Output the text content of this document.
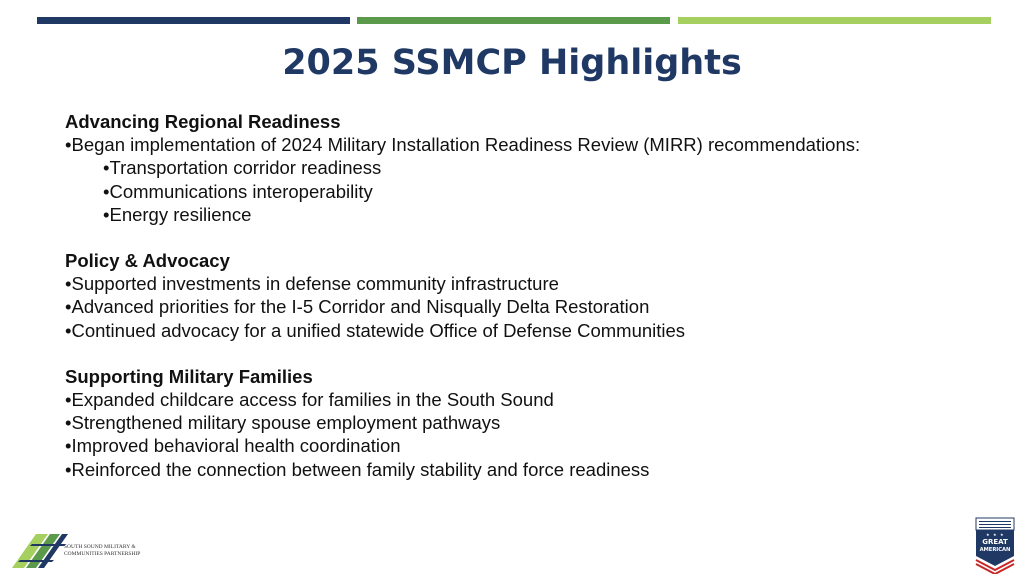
2025 SSMCP Highlights

Advancing Regional Readiness

• Began implementation of 2024 Military Installation Readiness Review (MIRR) recommendations:
• Transportation corridor readiness
• Communications interoperability
• Energy resilience

Policy & Advocacy

• Supported investments in defense community infrastructure
• Advanced priorities for the I-5 Corridor and Nisqually Delta Restoration
• Continued advocacy for a unified statewide Office of Defense Communities

Supporting Military Families

• Expanded childcare access for families in the South Sound
• Strengthened military spouse employment pathways
• Improved behavioral health coordination
• Reinforced the connection between family stability and force readiness
SOUTH SOUND MILITARY &
COMMUNITIES PARTNERSHIP
★ ★ ★
GREAT
AMERICAN
